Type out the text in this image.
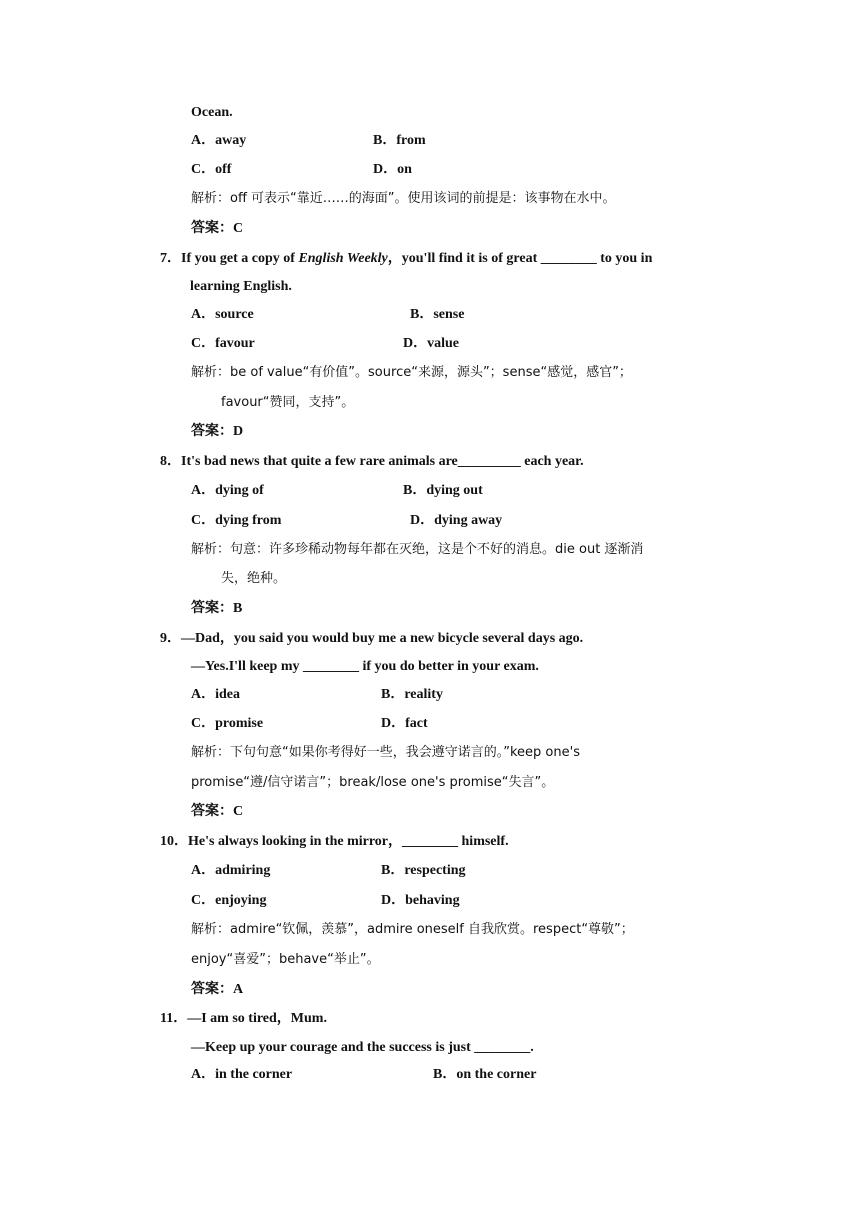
Ocean.
A．away	B．from
C．off	D．on
解析：off 可表示“靠近……的海面”。使用该词的前提是：该事物在水中。
答案：C
7．If you get a copy of English Weekly，you'll find it is of great ________ to you in
learning English.
A．source	B．sense
C．favour	D．value
解析：be of value“有价值”。source“来源，源头”；sense“感觉，感官”；
favour“赞同，支持”。
答案：D
8．It's bad news that quite a few rare animals are_________ each year.
A．dying of	B．dying out
C．dying from	D．dying away
解析：句意：许多珍稀动物每年都在灭绝，这是个不好的消息。die out 逐渐消
失，绝种。
答案：B
9．—Dad，you said you would buy me a new bicycle several days ago.
—Yes.I'll keep my ________ if you do better in your exam.
A．idea	B．reality
C．promise	D．fact
解析：下句句意“如果你考得好一些，我会遵守诺言的。”keep one's
promise“遵/信守诺言”；break/lose one's promise“失言”。
答案：C
10．He's always looking in the mirror，________ himself.
A．admiring	B．respecting
C．enjoying	D．behaving
解析：admire“钦佩，羡慕”，admire oneself 自我欣赏。respect“尊敬”；
enjoy“喜爱”；behave“举止”。
答案：A
11．—I am so tired，Mum.
—Keep up your courage and the success is just ________.
A．in the corner	B．on the corner
